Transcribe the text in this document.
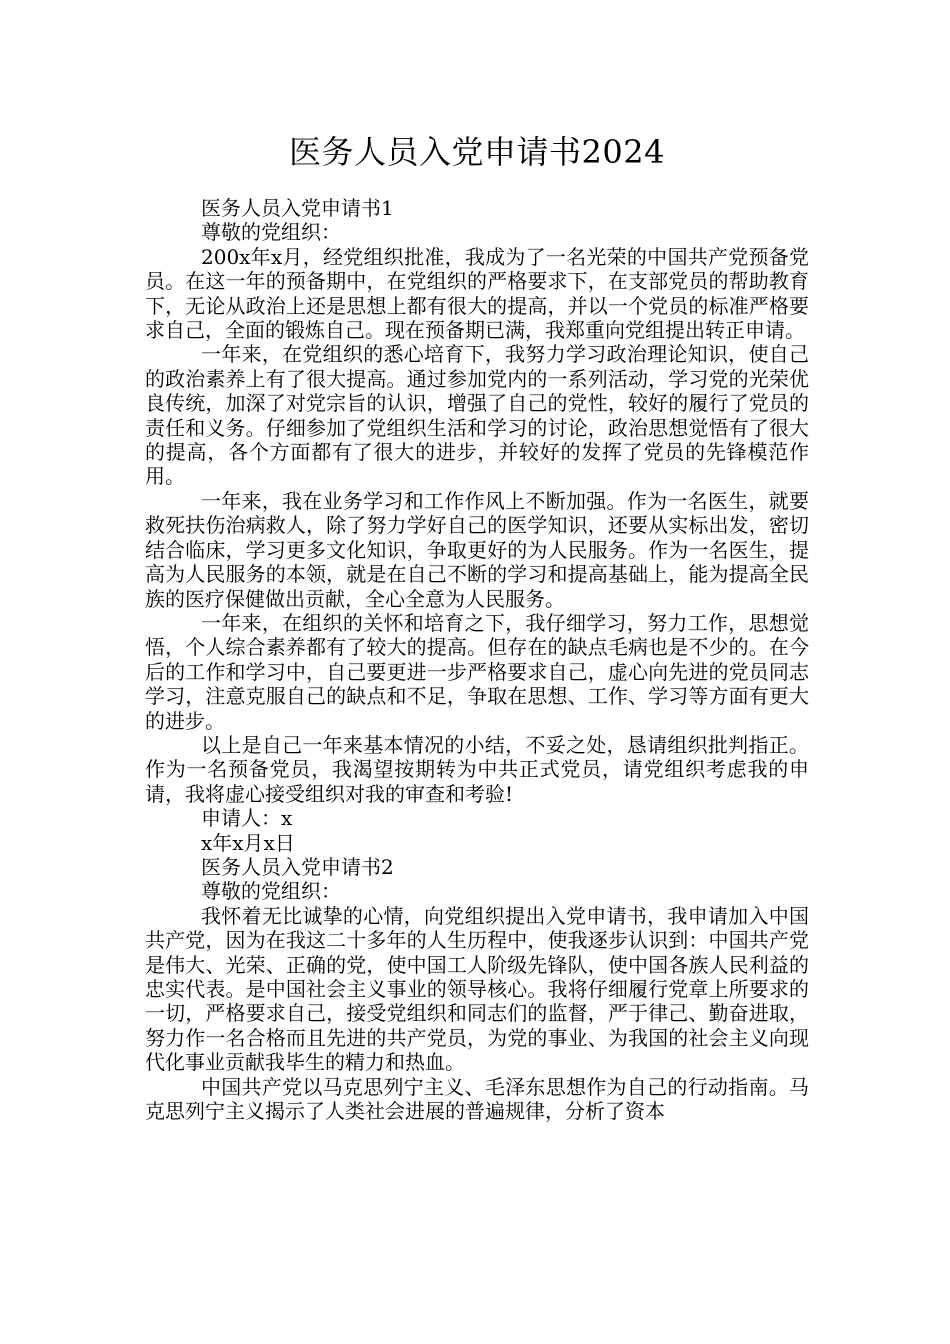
医务人员入党申请书2024

医务人员入党申请书1

尊敬的党组织：

200x年x月，经党组织批准，我成为了一名光荣的中国共产党预备党员。在这一年的预备期中，在党组织的严格要求下，在支部党员的帮助教育下，无论从政治上还是思想上都有很大的提高，并以一个党员的标准严格要求自己，全面的锻炼自己。现在预备期已满，我郑重向党组提出转正申请。

一年来，在党组织的悉心培育下，我努力学习政治理论知识，使自己的政治素养上有了很大提高。通过参加党内的一系列活动，学习党的光荣优良传统，加深了对党宗旨的认识，增强了自己的党性，较好的履行了党员的责任和义务。仔细参加了党组织生活和学习的讨论，政治思想觉悟有了很大的提高，各个方面都有了很大的进步，并较好的发挥了党员的先锋模范作用。

一年来，我在业务学习和工作作风上不断加强。作为一名医生，就要救死扶伤治病救人，除了努力学好自己的医学知识，还要从实标出发，密切结合临床，学习更多文化知识，争取更好的为人民服务。作为一名医生，提高为人民服务的本领，就是在自己不断的学习和提高基础上，能为提高全民族的医疗保健做出贡献，全心全意为人民服务。

一年来，在组织的关怀和培育之下，我仔细学习，努力工作，思想觉悟，个人综合素养都有了较大的提高。但存在的缺点毛病也是不少的。在今后的工作和学习中，自己要更进一步严格要求自己，虚心向先进的党员同志学习，注意克服自己的缺点和不足，争取在思想、工作、学习等方面有更大的进步。

以上是自己一年来基本情况的小结，不妥之处，恳请组织批判指正。作为一名预备党员，我渴望按期转为中共正式党员，请党组织考虑我的申请，我将虚心接受组织对我的审查和考验!

申请人：x

x年x月x日

医务人员入党申请书2

尊敬的党组织：

我怀着无比诚挚的心情，向党组织提出入党申请书，我申请加入中国共产党，因为在我这二十多年的人生历程中，使我逐步认识到：中国共产党是伟大、光荣、正确的党，使中国工人阶级先锋队，使中国各族人民利益的忠实代表。是中国社会主义事业的领导核心。我将仔细履行党章上所要求的一切，严格要求自己，接受党组织和同志们的监督，严于律己、勤奋进取，努力作一名合格而且先进的共产党员，为党的事业、为我国的社会主义向现代化事业贡献我毕生的精力和热血。

中国共产党以马克思列宁主义、毛泽东思想作为自己的行动指南。马克思列宁主义揭示了人类社会进展的普遍规律，分析了资本
